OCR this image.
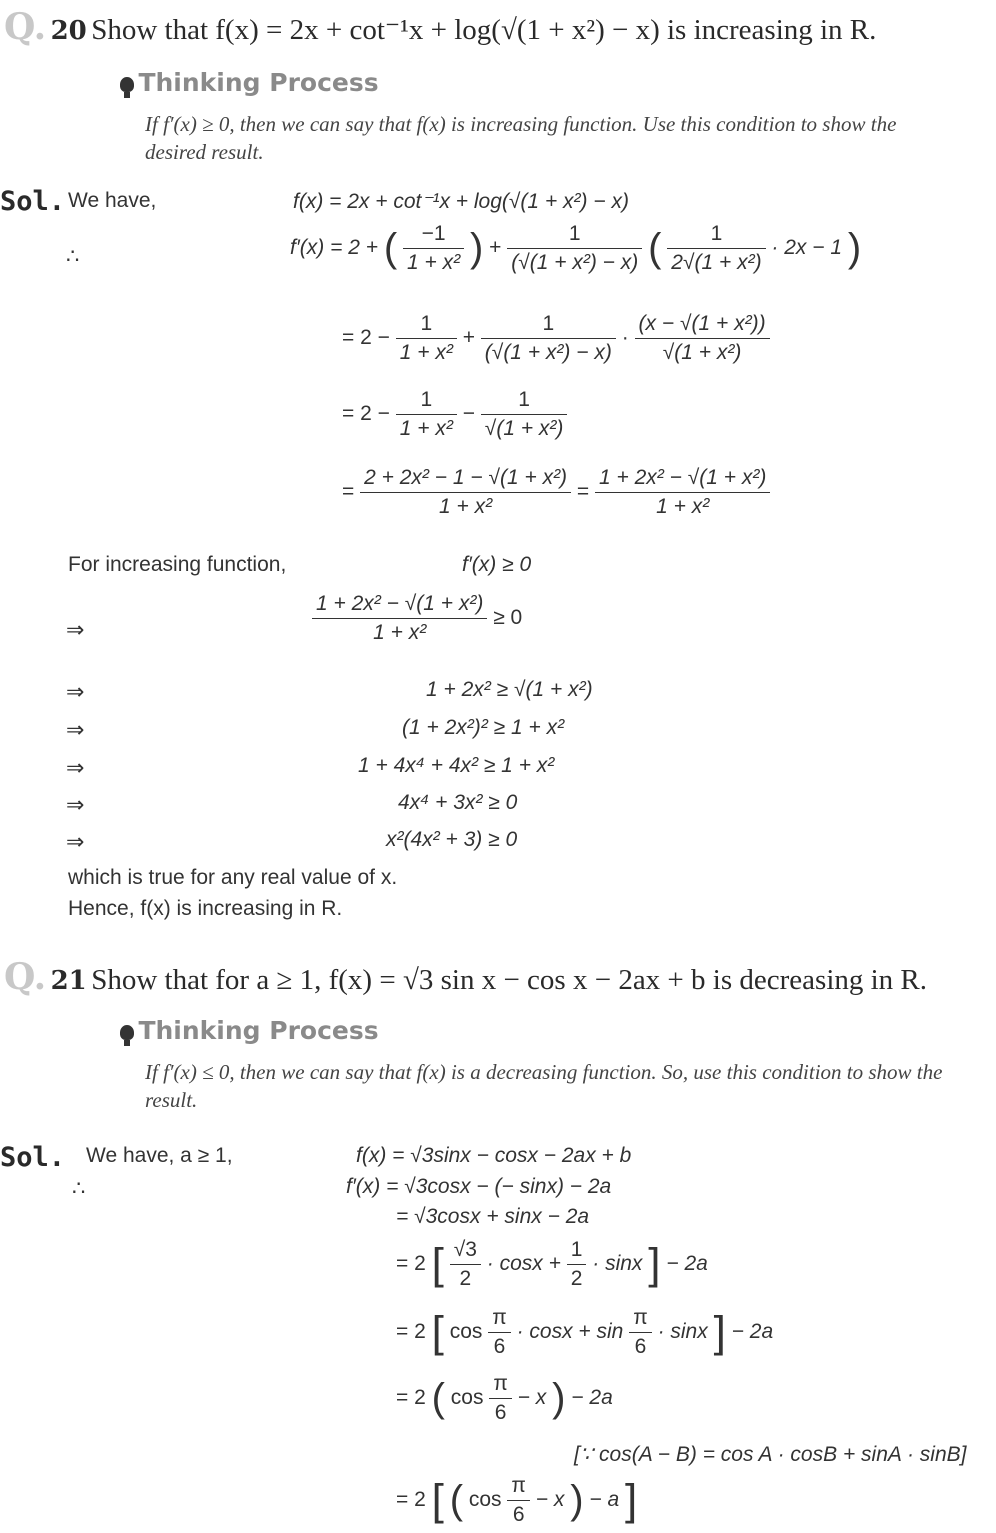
Q. 20 Show that f(x) = 2x + cot⁻¹x + log(√(1 + x²) − x) is increasing in R.
Thinking Process
If f′(x) ≥ 0, then we can say that f(x) is increasing function. Use this condition to show the desired result.
Sol. We have,	f(x) = 2x + cot⁻¹x + log(√(1 + x²) − x)
∴	f′(x) = 2 + ( $\frac{-1}{\text{1 + x²}}$ ) + $\frac{1}{\text{(√(1 + x²) − x)}}$ ( $\frac{1}{\text{2√(1 + x²)}} \cdot 2x - 1$ )
= $2 - \frac{1}{\text{1 + x²}} + \frac{1}{\text{(√(1 + x²) − x)}} \cdot \frac{\text{(x − √(1 + x²))}}{\text{√(1 + x²)}}$
= $2 - \frac{1}{\text{1 + x²}} - \frac{1}{\text{√(1 + x²)}}$
= $\frac{\text{2 + 2x² − 1 − √(1 + x²)}}{\text{1 + x²}} = \frac{\text{1 + 2x² − √(1 + x²)}}{\text{1 + x²}}$
For increasing function,	f′(x) ≥ 0
⇒	$\frac{\text{1 + 2x² − √(1 + x²)}}{\text{1 + x²}} \ge 0$
⇒	1 + 2x² ≥ √(1 + x²)
⇒	(1 + 2x²)² ≥ 1 + x²
⇒	1 + 4x⁴ + 4x² ≥ 1 + x²
⇒	4x⁴ + 3x² ≥ 0
⇒	x²(4x² + 3) ≥ 0
which is true for any real value of x.
Hence, f(x) is increasing in R.
Q. 21 Show that for a ≥ 1, f(x) = √3 sin x − cos x − 2ax + b is decreasing in R.
Thinking Process
If f′(x) ≤ 0, then we can say that f(x) is a decreasing function. So, use this condition to show the result.
Sol. We have, a ≥ 1,	f(x) = √3sinx − cosx − 2ax + b
∴	f′(x) = √3cosx − (− sinx) − 2a
= √3cosx + sinx − 2a
= 2 [ $\frac{√3}{2} \cdot \cos x + \frac{1}{2} \cdot \sin x$ ] − 2a
= 2 [ $\cos \frac{\pi}{6} \cdot \cos x + \sin \frac{\pi}{6} \cdot \sin x$ ] − 2a
= 2 ( $\cos \frac{\pi}{6} - x$ ) − 2a
[∵ cos(A − B) = cos A · cosB + sinA · sinB]
= 2 [ ( $\cos \frac{\pi}{6} - x$ ) − a ]
